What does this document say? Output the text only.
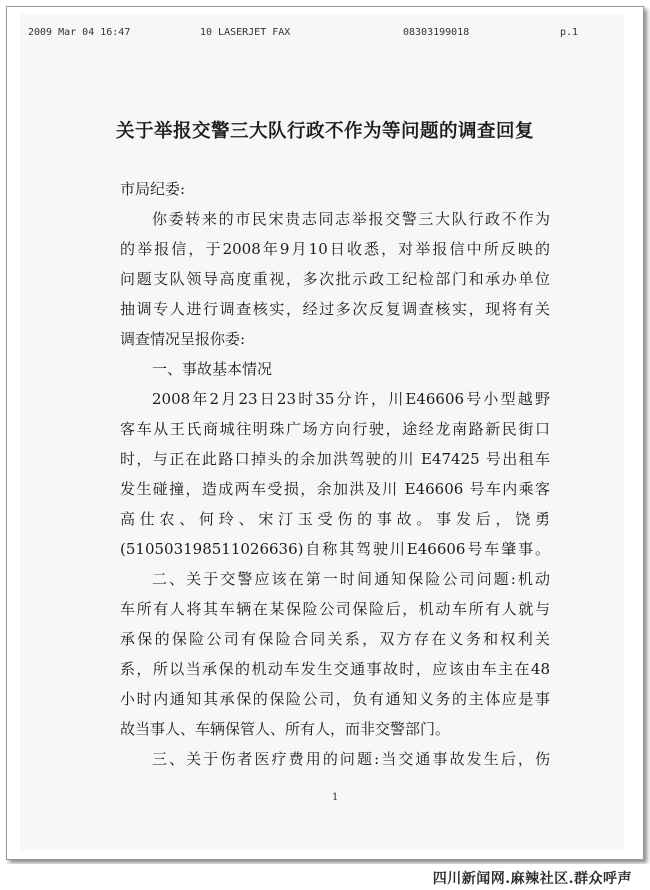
2009 Mar 04 16:47

	10 LASERJET FAX

	08303199018

	p.1

关于举报交警三大队行政不作为等问题的调查回复
市局纪委:
你委转来的市民宋贵志同志举报交警三大队行政不作为
的举报信，于2008年9月10日收悉，对举报信中所反映的
问题支队领导高度重视，多次批示政工纪检部门和承办单位
抽调专人进行调查核实，经过多次反复调查核实，现将有关
调查情况呈报你委:
一、事故基本情况
2008年2月23日23时35分许，川E46606号小型越野
客车从王氏商城往明珠广场方向行驶，途经龙南路新民街口
时，与正在此路口掉头的余加洪驾驶的川 E47425 号出租车
发生碰撞，造成两车受损，余加洪及川 E46606 号车内乘客
高仕农、何玲、宋汀玉受伤的事故。事发后，饶勇
(510503198511026636)自称其驾驶川E46606号车肇事。
二、关于交警应该在第一时间通知保险公司问题:机动
车所有人将其车辆在某保险公司保险后，机动车所有人就与
承保的保险公司有保险合同关系，双方存在义务和权利关
系，所以当承保的机动车发生交通事故时，应该由车主在48
小时内通知其承保的保险公司，负有通知义务的主体应是事
故当事人、车辆保管人、所有人，而非交警部门。
三、关于伤者医疗费用的问题:当交通事故发生后，伤
1
四川新闻网.麻辣社区.群众呼声
